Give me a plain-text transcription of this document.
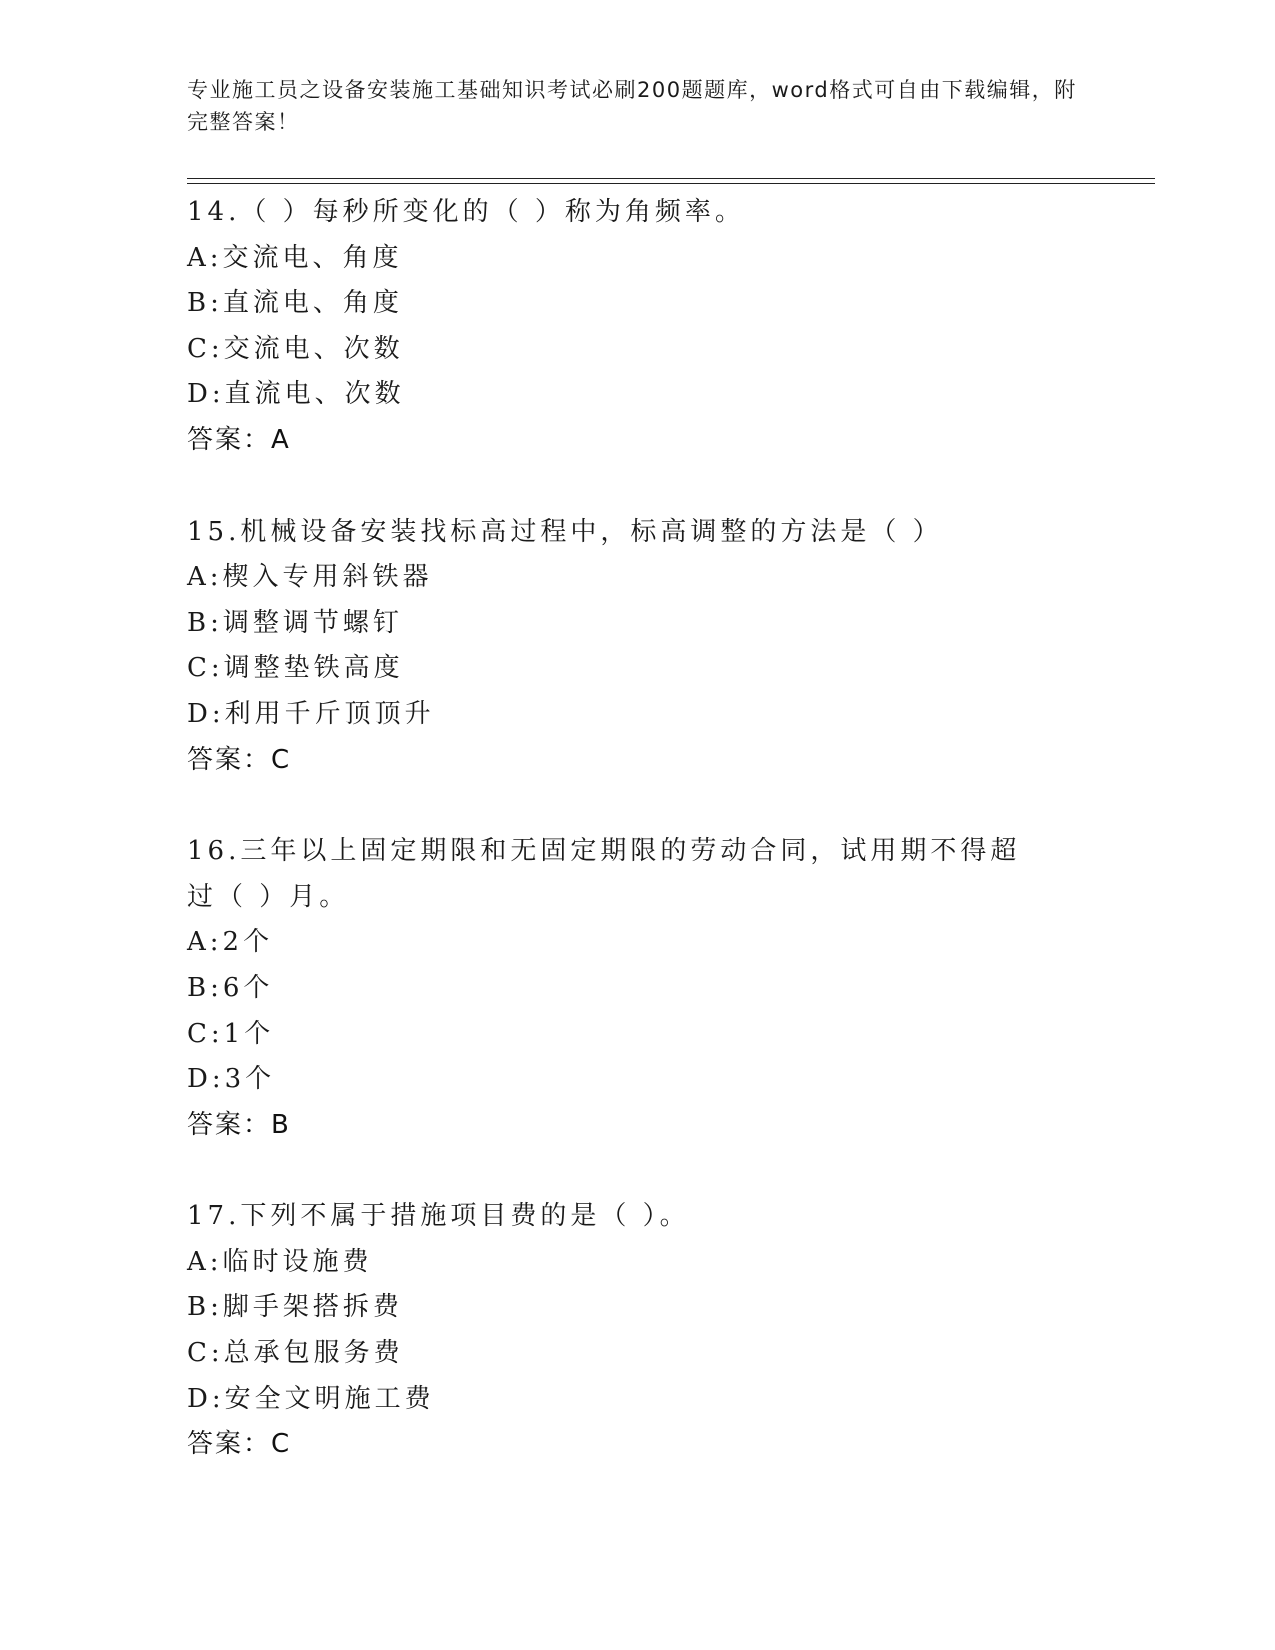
专业施工员之设备安装施工基础知识考试必刷200题题库，word格式可自由下载编辑，附完整答案！
14.（ ）每秒所变化的（ ）称为角频率。
A:交流电、角度
B:直流电、角度
C:交流电、次数
D:直流电、次数
答案：A
15.机械设备安装找标高过程中，标高调整的方法是（ ）
A:楔入专用斜铁器
B:调整调节螺钉
C:调整垫铁高度
D:利用千斤顶顶升
答案：C
16.三年以上固定期限和无固定期限的劳动合同，试用期不得超过（ ）月。
A:2个
B:6个
C:1个
D:3个
答案：B
17.下列不属于措施项目费的是（ ）。
A:临时设施费
B:脚手架搭拆费
C:总承包服务费
D:安全文明施工费
答案：C
